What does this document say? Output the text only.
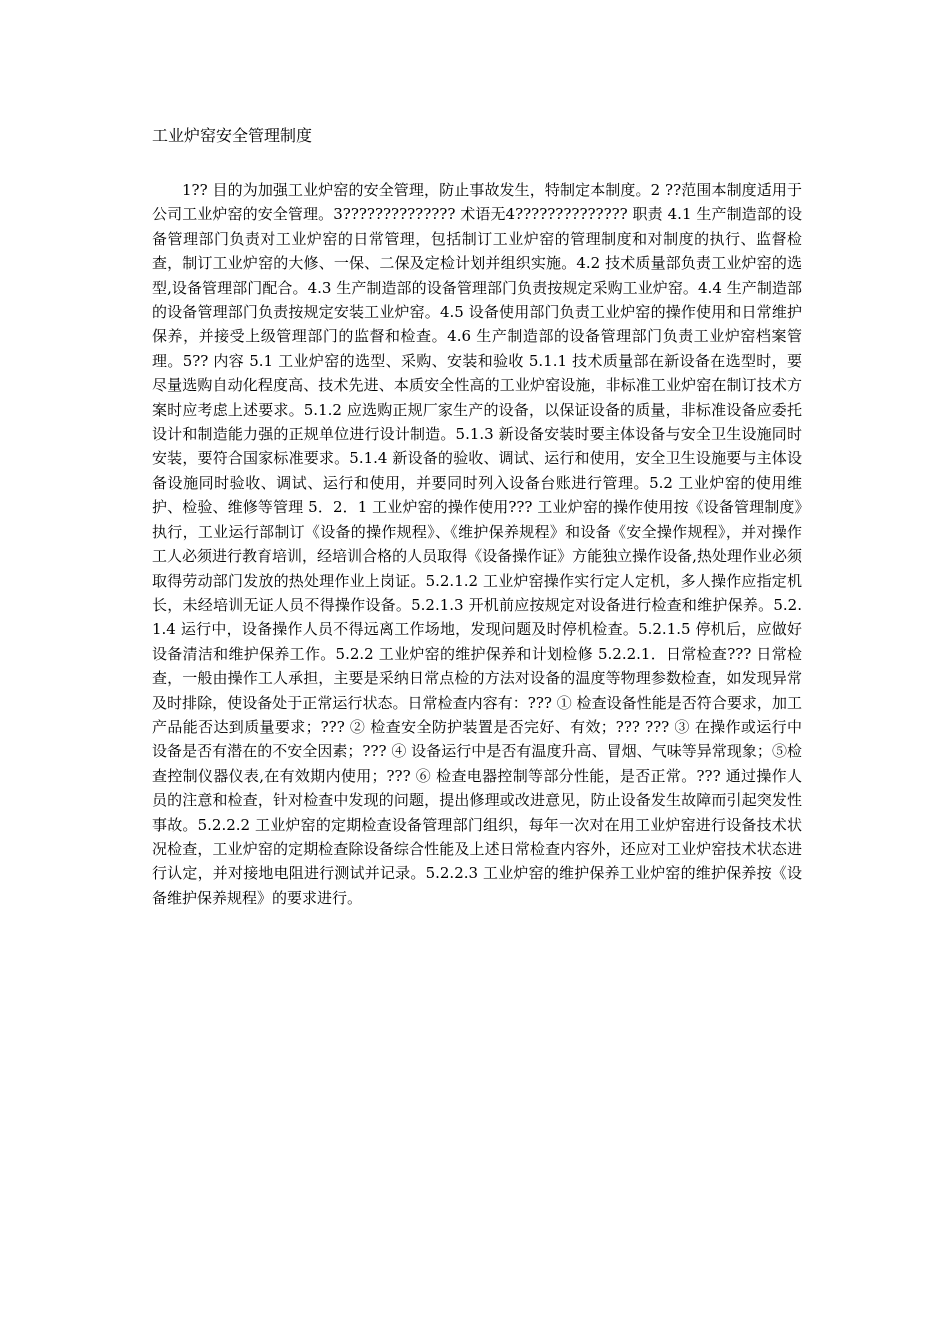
工业炉窑安全管理制度

1?? 目的为加强工业炉窑的安全管理，防止事故发生，特制定本制度。2 ??范围本制度适用于公司工业炉窑的安全管理。3?????????????? 术语无4?????????????? 职责 4.1 生产制造部的设备管理部门负责对工业炉窑的日常管理，包括制订工业炉窑的管理制度和对制度的执行、监督检查，制订工业炉窑的大修、一保、二保及定检计划并组织实施。4.2 技术质量部负责工业炉窑的选型,设备管理部门配合。4.3 生产制造部的设备管理部门负责按规定采购工业炉窑。4.4 生产制造部的设备管理部门负责按规定安装工业炉窑。4.5 设备使用部门负责工业炉窑的操作使用和日常维护保养，并接受上级管理部门的监督和检查。4.6 生产制造部的设备管理部门负责工业炉窑档案管理。5?? 内容 5.1 工业炉窑的选型、采购、安装和验收 5.1.1 技术质量部在新设备在选型时，要尽量选购自动化程度高、技术先进、本质安全性高的工业炉窑设施，非标准工业炉窑在制订技术方案时应考虑上述要求。5.1.2 应选购正规厂家生产的设备，以保证设备的质量，非标准设备应委托设计和制造能力强的正规单位进行设计制造。5.1.3 新设备安装时要主体设备与安全卫生设施同时安装，要符合国家标准要求。5.1.4 新设备的验收、调试、运行和使用，安全卫生设施要与主体设备设施同时验收、调试、运行和使用，并要同时列入设备台账进行管理。5.2 工业炉窑的使用维护、检验、维修等管理 5．2．1 工业炉窑的操作使用??? 工业炉窑的操作使用按《设备管理制度》执行，工业运行部制订《设备的操作规程》、《维护保养规程》和设备《安全操作规程》，并对操作工人必须进行教育培训，经培训合格的人员取得《设备操作证》方能独立操作设备,热处理作业必须取得劳动部门发放的热处理作业上岗证。5.2.1.2 工业炉窑操作实行定人定机，多人操作应指定机长，未经培训无证人员不得操作设备。5.2.1.3 开机前应按规定对设备进行检查和维护保养。5.2.1.4 运行中，设备操作人员不得远离工作场地，发现问题及时停机检查。5.2.1.5 停机后，应做好设备清洁和维护保养工作。5.2.2 工业炉窑的维护保养和计划检修 5.2.2.1．日常检查??? 日常检查，一般由操作工人承担，主要是采纳日常点检的方法对设备的温度等物理参数检查，如发现异常及时排除，使设备处于正常运行状态。日常检查内容有：??? ① 检查设备性能是否符合要求，加工产品能否达到质量要求；??? ② 检查安全防护装置是否完好、有效；??? ??? ③ 在操作或运行中设备是否有潜在的不安全因素；??? ④ 设备运行中是否有温度升高、冒烟、气味等异常现象；⑤检查控制仪器仪表,在有效期内使用；??? ⑥ 检查电器控制等部分性能，是否正常。??? 通过操作人员的注意和检查，针对检查中发现的问题，提出修理或改进意见，防止设备发生故障而引起突发性事故。5.2.2.2 工业炉窑的定期检查设备管理部门组织，每年一次对在用工业炉窑进行设备技术状况检查，工业炉窑的定期检查除设备综合性能及上述日常检查内容外，还应对工业炉窑技术状态进行认定，并对接地电阻进行测试并记录。5.2.2.3 工业炉窑的维护保养工业炉窑的维护保养按《设备维护保养规程》的要求进行。
